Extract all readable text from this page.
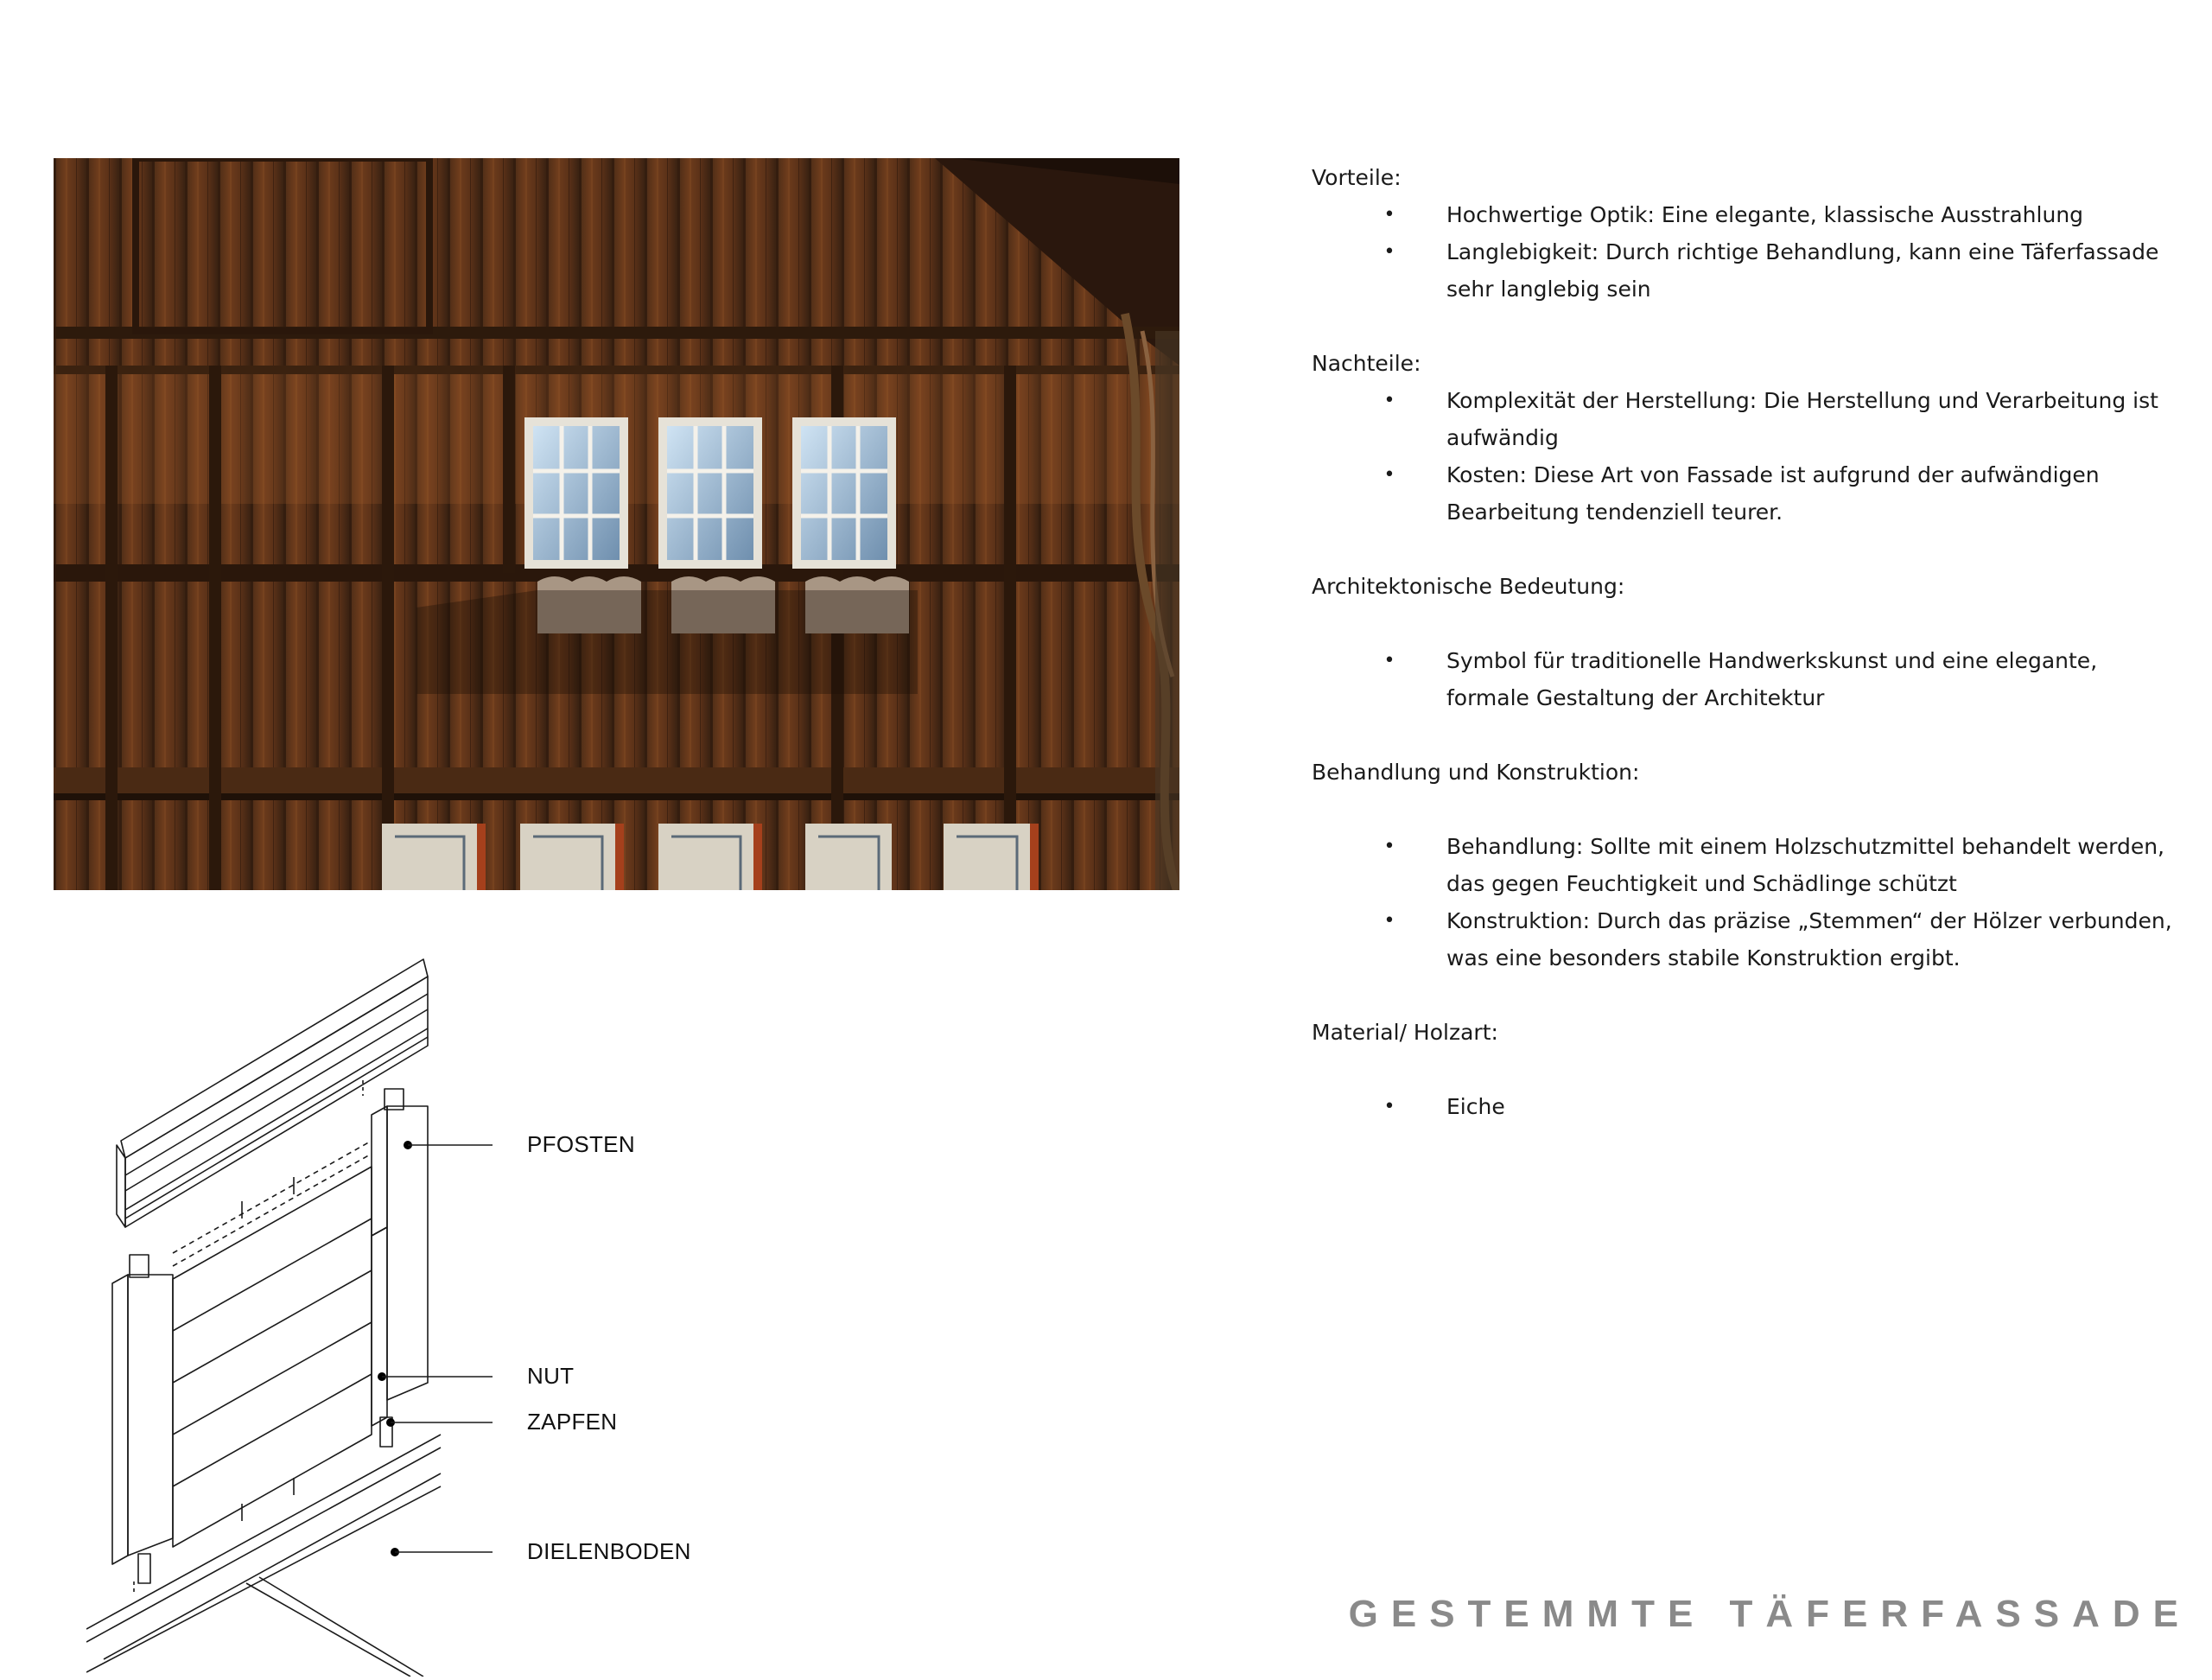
PFOSTEN
NUT
ZAPFEN
DIELENBODEN

Vorteile:

• Hochwertige Optik: Eine elegante, klassische Ausstrahlung
• Langlebigkeit: Durch richtige Behandlung, kann eine Täferfassade sehr langlebig sein

Nachteile:

• Komplexität der Herstellung: Die Herstellung und Verarbeitung ist aufwändig
• Kosten: Diese Art von Fassade ist aufgrund der aufwändigen Bearbeitung tendenziell teurer.

Architektonische Bedeutung:

• Symbol für traditionelle Handwerkskunst und eine elegante, formale Gestaltung der Architektur

Behandlung und Konstruktion:

• Behandlung: Sollte mit einem Holzschutzmittel behandelt werden, das gegen Feuchtigkeit und Schädlinge schützt
• Konstruktion: Durch das präzise „Stemmen“ der Hölzer verbunden, was eine besonders stabile Konstruktion ergibt.

Material/ Holzart:

• Eiche
GESTEMMTE TÄFERFASSADE
